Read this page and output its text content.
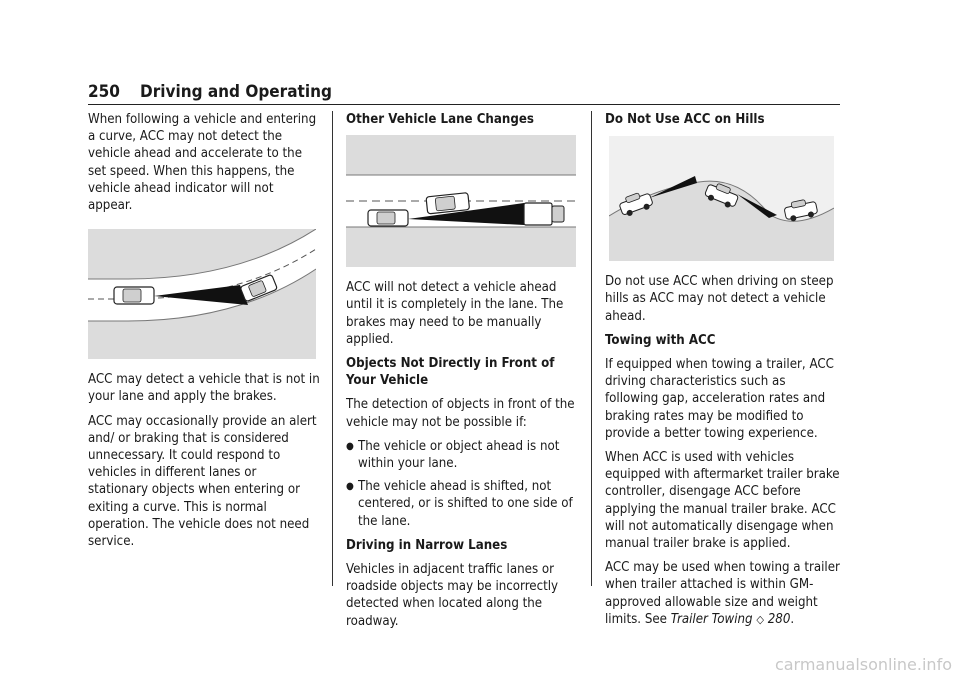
250 Driving and Operating

When following a vehicle and entering a curve, ACC may not detect the vehicle ahead and accelerate to the set speed. When this happens, the vehicle ahead indicator will not appear.

ACC may detect a vehicle that is not in your lane and apply the brakes.

ACC may occasionally provide an alert and/ or braking that is considered unnecessary. It could respond to vehicles in different lanes or stationary objects when entering or exiting a curve. This is normal operation. The vehicle does not need service.

Other Vehicle Lane Changes

ACC will not detect a vehicle ahead until it is completely in the lane. The brakes may need to be manually applied.

Objects Not Directly in Front of Your Vehicle

The detection of objects in front of the vehicle may not be possible if:

● The vehicle or object ahead is not within your lane.
● The vehicle ahead is shifted, not centered, or is shifted to one side of the lane.

Driving in Narrow Lanes

Vehicles in adjacent traffic lanes or roadside objects may be incorrectly detected when located along the roadway.

Do Not Use ACC on Hills

Do not use ACC when driving on steep hills as ACC may not detect a vehicle ahead.

Towing with ACC

If equipped when towing a trailer, ACC driving characteristics such as following gap, acceleration rates and braking rates may be modified to provide a better towing experience.

When ACC is used with vehicles equipped with aftermarket trailer brake controller, disengage ACC before applying the manual trailer brake. ACC will not automatically disengage when manual trailer brake is applied.

ACC may be used when towing a trailer when trailer attached is within GM-approved allowable size and weight limits. See Trailer Towing ◇ 280.

carmanualsonline.info
